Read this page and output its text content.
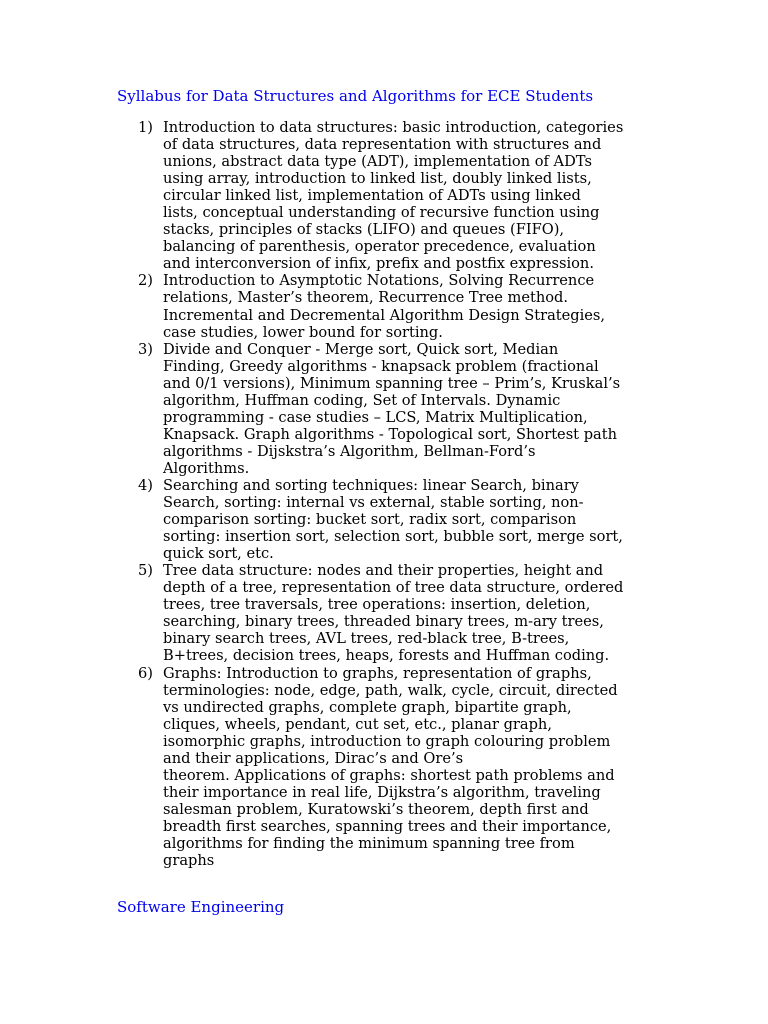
Syllabus for Data Structures and Algorithms for ECE Students
1) Introduction to data structures: basic introduction, categories
of data structures, data representation with structures and
unions, abstract data type (ADT), implementation of ADTs
using array, introduction to linked list, doubly linked lists,
circular linked list, implementation of ADTs using linked
lists, conceptual understanding of recursive function using
stacks, principles of stacks (LIFO) and queues (FIFO),
balancing of parenthesis, operator precedence, evaluation
and interconversion of infix, prefix and postfix expression.
2) Introduction to Asymptotic Notations, Solving Recurrence
relations, Master’s theorem, Recurrence Tree method.
Incremental and Decremental Algorithm Design Strategies,
case studies, lower bound for sorting.
3) Divide and Conquer - Merge sort, Quick sort, Median
Finding, Greedy algorithms - knapsack problem (fractional
and 0/1 versions), Minimum spanning tree – Prim’s, Kruskal’s
algorithm, Huffman coding, Set of Intervals. Dynamic
programming - case studies – LCS, Matrix Multiplication,
Knapsack. Graph algorithms - Topological sort, Shortest path
algorithms - Dijskstra’s Algorithm, Bellman-Ford’s
Algorithms.
4) Searching and sorting techniques: linear Search, binary
Search, sorting: internal vs external, stable sorting, non-
comparison sorting: bucket sort, radix sort, comparison
sorting: insertion sort, selection sort, bubble sort, merge sort,
quick sort, etc.
5) Tree data structure: nodes and their properties, height and
depth of a tree, representation of tree data structure, ordered
trees, tree traversals, tree operations: insertion, deletion,
searching, binary trees, threaded binary trees, m-ary trees,
binary search trees, AVL trees, red-black tree, B-trees,
B+trees, decision trees, heaps, forests and Huffman coding.
6) Graphs: Introduction to graphs, representation of graphs,
terminologies: node, edge, path, walk, cycle, circuit, directed
vs undirected graphs, complete graph, bipartite graph,
cliques, wheels, pendant, cut set, etc., planar graph,
isomorphic graphs, introduction to graph colouring problem
and their applications, Dirac’s and Ore’s
theorem. Applications of graphs: shortest path problems and
their importance in real life, Dijkstra’s algorithm, traveling
salesman problem, Kuratowski’s theorem, depth first and
breadth first searches, spanning trees and their importance,
algorithms for finding the minimum spanning tree from
graphs
Software Engineering
